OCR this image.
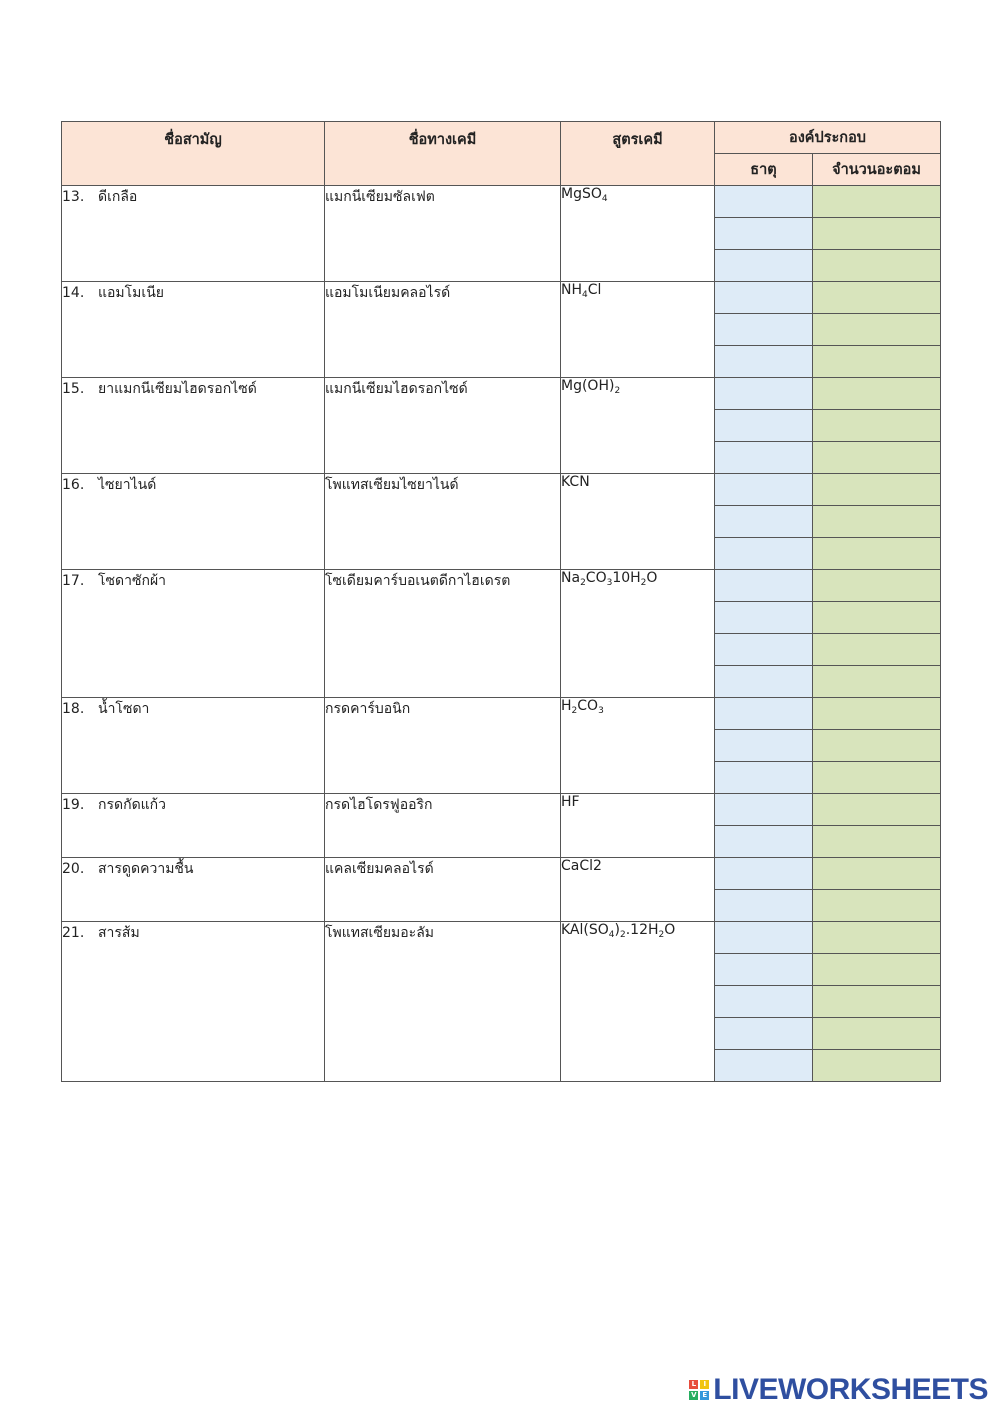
ชื่อสามัญ	ชื่อทางเคมี	สูตรเคมี	องค์ประกอบ	
			ธาตุ	จำนวนอะตอม
13. ดีเกลือ	แมกนีเซียมซัลเฟต	MgSO$_4$		

14. แอมโมเนีย	แอมโมเนียมคลอไรด์	$NH_4Cl$		

15. ยาแมกนีเซียมไฮดรอกไซด์	แมกนีเซียมไฮดรอกไซด์	$Mg(OH)_2$		

16. ไซยาไนด์	โพแทสเซียมไซยาไนด์	KCN		

17. โซดาซักผ้า	โซเดียมคาร์บอเนตดีกาไฮเดรต	$Na_2CO_310H_2O$		

18. น้ำโซดา	กรดคาร์บอนิก	$H_2CO_3$		

19. กรดกัดแก้ว	กรดไฮโดรฟูออริก	HF		

20. สารดูดความชื้น	แคลเซียมคลอไรด์	CaCl2		

21. สารส้ม	โพแทสเซียมอะลัม	$KAl(SO_4)_2.12H_2O$		

L	I
V E LIVEWORKSHEETS
